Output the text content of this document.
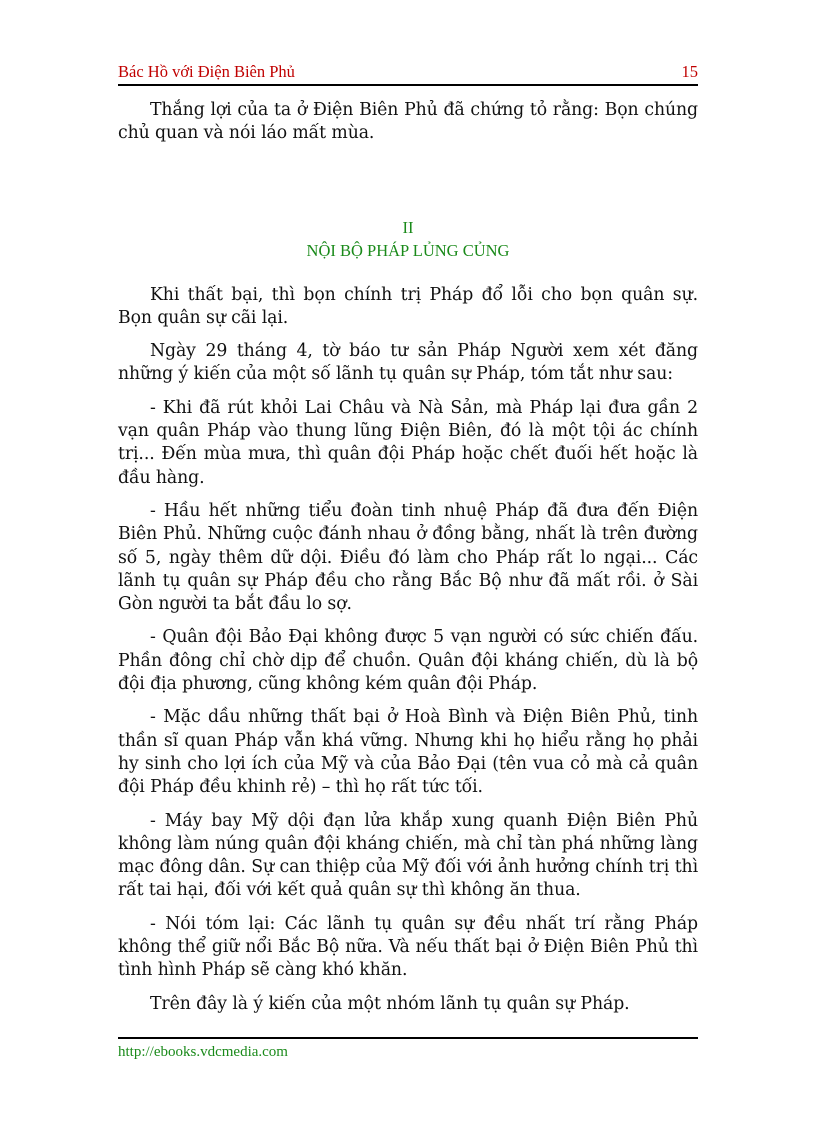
Bác Hồ với Điện Biên Phủ	15

Thắng lợi của ta ở Điện Biên Phủ đã chứng tỏ rằng: Bọn chúng chủ quan và nói láo mất mùa.

II
NỘI BỘ PHÁP LỦNG CỦNG

Khi thất bại, thì bọn chính trị Pháp đổ lỗi cho bọn quân sự. Bọn quân sự cãi lại.

Ngày 29 tháng 4, tờ báo tư sản Pháp Người xem xét đăng những ý kiến của một số lãnh tụ quân sự Pháp, tóm tắt như sau:

- Khi đã rút khỏi Lai Châu và Nà Sản, mà Pháp lại đưa gần 2 vạn quân Pháp vào thung lũng Điện Biên, đó là một tội ác chính trị... Đến mùa mưa, thì quân đội Pháp hoặc chết đuối hết hoặc là đầu hàng.

- Hầu hết những tiểu đoàn tinh nhuệ Pháp đã đưa đến Điện Biên Phủ. Những cuộc đánh nhau ở đồng bằng, nhất là trên đường số 5, ngày thêm dữ dội. Điều đó làm cho Pháp rất lo ngại... Các lãnh tụ quân sự Pháp đều cho rằng Bắc Bộ như đã mất rồi. ở Sài Gòn người ta bắt đầu lo sợ.

- Quân đội Bảo Đại không được 5 vạn người có sức chiến đấu. Phần đông chỉ chờ dịp để chuồn. Quân đội kháng chiến, dù là bộ đội địa phương, cũng không kém quân đội Pháp.

- Mặc dầu những thất bại ở Hoà Bình và Điện Biên Phủ, tinh thần sĩ quan Pháp vẫn khá vững. Nhưng khi họ hiểu rằng họ phải hy sinh cho lợi ích của Mỹ và của Bảo Đại (tên vua cỏ mà cả quân đội Pháp đều khinh rẻ) – thì họ rất tức tối.

- Máy bay Mỹ dội đạn lửa khắp xung quanh Điện Biên Phủ không làm núng quân đội kháng chiến, mà chỉ tàn phá những làng mạc đông dân. Sự can thiệp của Mỹ đối với ảnh hưởng chính trị thì rất tai hại, đối với kết quả quân sự thì không ăn thua.

- Nói tóm lại: Các lãnh tụ quân sự đều nhất trí rằng Pháp không thể giữ nổi Bắc Bộ nữa. Và nếu thất bại ở Điện Biên Phủ thì tình hình Pháp sẽ càng khó khăn.

Trên đây là ý kiến của một nhóm lãnh tụ quân sự Pháp.

http://ebooks.vdcmedia.com
